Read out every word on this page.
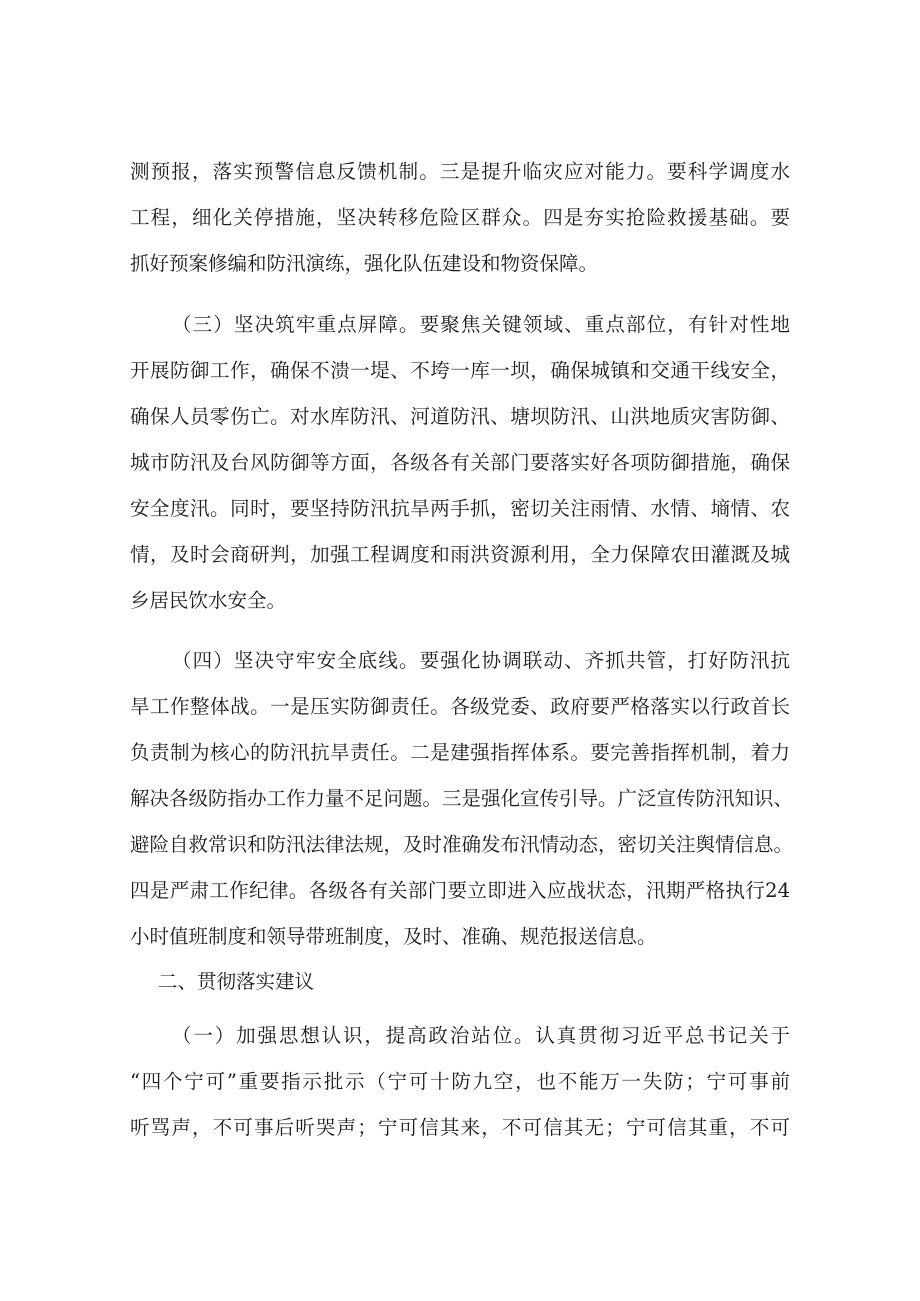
测预报，落实预警信息反馈机制。三是提升临灾应对能力。要科学调度水
工程，细化关停措施，坚决转移危险区群众。四是夯实抢险救援基础。要
抓好预案修编和防汛演练，强化队伍建设和物资保障。
（三）坚决筑牢重点屏障。要聚焦关键领域、重点部位，有针对性地
开展防御工作，确保不溃一堤、不垮一库一坝，确保城镇和交通干线安全，
确保人员零伤亡。对水库防汛、河道防汛、塘坝防汛、山洪地质灾害防御、
城市防汛及台风防御等方面，各级各有关部门要落实好各项防御措施，确保
安全度汛。同时，要坚持防汛抗旱两手抓，密切关注雨情、水情、墒情、农
情，及时会商研判，加强工程调度和雨洪资源利用，全力保障农田灌溉及城
乡居民饮水安全。
（四）坚决守牢安全底线。要强化协调联动、齐抓共管，打好防汛抗
旱工作整体战。一是压实防御责任。各级党委、政府要严格落实以行政首长
负责制为核心的防汛抗旱责任。二是建强指挥体系。要完善指挥机制，着力
解决各级防指办工作力量不足问题。三是强化宣传引导。广泛宣传防汛知识、
避险自救常识和防汛法律法规，及时准确发布汛情动态，密切关注舆情信息。
四是严肃工作纪律。各级各有关部门要立即进入应战状态，汛期严格执行24
小时值班制度和领导带班制度，及时、准确、规范报送信息。
二、贯彻落实建议
（一）加强思想认识，提高政治站位。认真贯彻习近平总书记关于
“四个宁可”重要指示批示（宁可十防九空，也不能万一失防；宁可事前
听骂声，不可事后听哭声；宁可信其来，不可信其无；宁可信其重，不可
